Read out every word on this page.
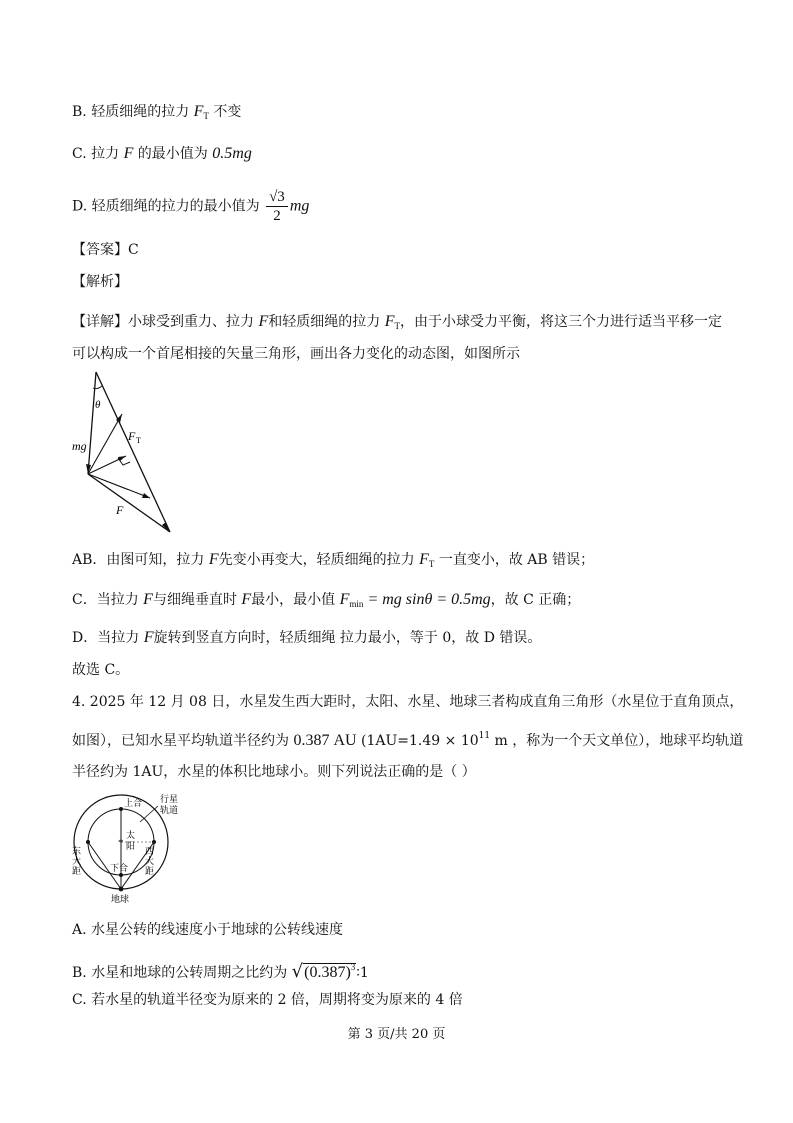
B. 轻质细绳的拉力 $F_T$ 不变
C. 拉力 F 的最小值为 0.5mg
D. 轻质细绳的拉力的最小值为 $\frac{√3}{2}$ mg
【答案】C
【解析】
【详解】小球受到重力、拉力 F和轻质细绳的拉力 $F_T$，由于小球受力平衡，将这三个力进行适当平移一定
可以构成一个首尾相接的矢量三角形，画出各力变化的动态图，如图所示
θ
mg
F T
F
AB．由图可知，拉力 F先变小再变大，轻质细绳的拉力 $F_T$ 一直变小，故 AB 错误；
C．当拉力 F与细绳垂直时 F最小，最小值 $F_{min}$ = mg sinθ = 0.5mg，故 C 正确；
D．当拉力 F旋转到竖直方向时，轻质细绳 拉力最小，等于 0，故 D 错误。
故选 C。
4. 2025 年 12 月 08 日，水星发生西大距时，太阳、水星、地球三者构成直角三角形（水星位于直角顶点，
如图），已知水星平均轨道半径约为 0.387 AU ($1AU=1.49 \times 10^{11}$ m ，称为一个天文单位），地球平均轨道
半径约为 1AU，水星的体积比地球小。则下列说法正确的是（ ）
*
上合 行星
轨道
太
阳
东
大
距
西
大
距
下合
地球
A. 水星公转的线速度小于地球的公转线速度
B. 水星和地球的公转周期之比约为 $√(0.387)^3∶1$
C. 若水星的轨道半径变为原来的 2 倍，周期将变为原来的 4 倍
第 3 页/共 20 页
